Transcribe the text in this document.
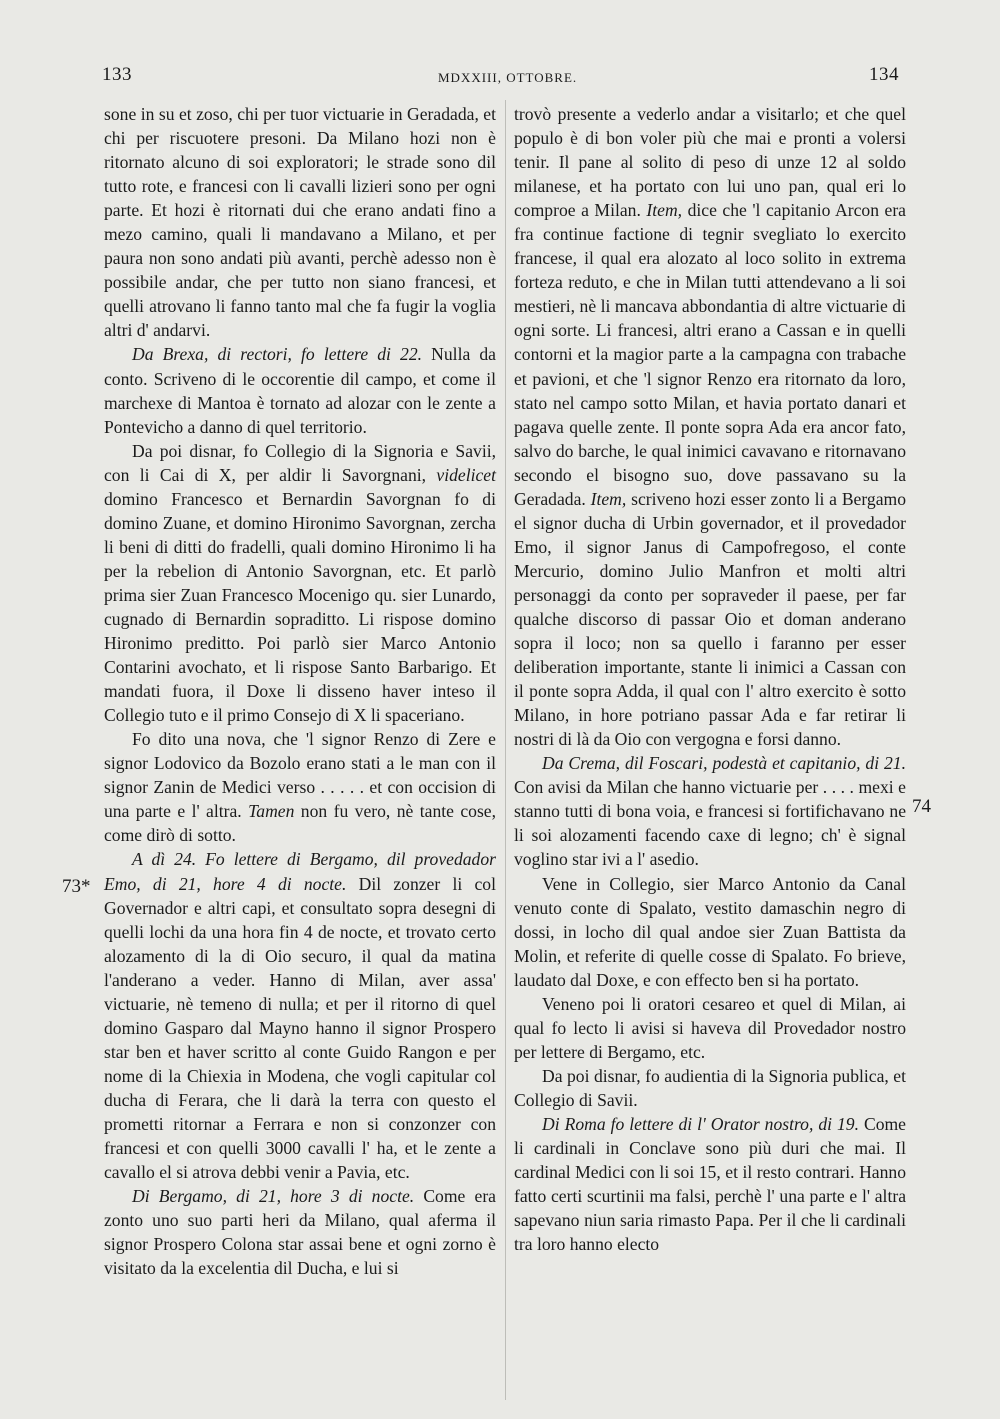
133	MDXXIII, OTTOBRE.	134
73*
74

sone in su et zoso, chi per tuor victuarie in Geradada, et chi per riscuotere presoni. Da Milano hozi non è ritornato alcuno di soi exploratori; le strade sono dil tutto rote, e francesi con li cavalli lizieri sono per ogni parte. Et hozi è ritornati dui che erano andati fino a mezo camino, quali li mandavano a Milano, et per paura non sono andati più avanti, perchè adesso non è possibile andar, che per tutto non siano francesi, et quelli atrovano li fanno tanto mal che fa fugir la voglia altri d' andarvi.

Da Brexa, di rectori, fo lettere di 22. Nulla da conto. Scriveno di le occorentie dil campo, et come il marchexe di Mantoa è tornato ad alozar con le zente a Pontevicho a danno di quel territorio.

Da poi disnar, fo Collegio di la Signoria e Savii, con li Cai di X, per aldir li Savorgnani, videlicet domino Francesco et Bernardin Savorgnan fo di domino Zuane, et domino Hironimo Savorgnan, zercha li beni di ditti do fradelli, quali domino Hironimo li ha per la rebelion di Antonio Savorgnan, etc. Et parlò prima sier Zuan Francesco Mocenigo qu. sier Lunardo, cugnado di Bernardin sopraditto. Li rispose domino Hironimo preditto. Poi parlò sier Marco Antonio Contarini avochato, et li rispose Santo Barbarigo. Et mandati fuora, il Doxe li disseno haver inteso il Collegio tuto e il primo Consejo di X li spaceriano.

Fo dito una nova, che 'l signor Renzo di Zere e signor Lodovico da Bozolo erano stati a le man con il signor Zanin de Medici verso . . . . . et con occision di una parte e l' altra. Tamen non fu vero, nè tante cose, come dirò di sotto.

A dì 24. Fo lettere di Bergamo, dil provedador Emo, di 21, hore 4 di nocte. Dil zonzer li col Governador e altri capi, et consultato sopra desegni di quelli lochi da una hora fin 4 de nocte, et trovato certo alozamento di la di Oio securo, il qual da matina l'anderano a veder. Hanno di Milan, aver assa' victuarie, nè temeno di nulla; et per il ritorno di quel domino Gasparo dal Mayno hanno il signor Prospero star ben et haver scritto al conte Guido Rangon e per nome di la Chiexia in Modena, che vogli capitular col ducha di Ferara, che li darà la terra con questo el prometti ritornar a Ferrara e non si conzonzer con francesi et con quelli 3000 cavalli l' ha, et le zente a cavallo el si atrova debbi venir a Pavia, etc.

Di Bergamo, di 21, hore 3 di nocte. Come era zonto uno suo parti heri da Milano, qual aferma il signor Prospero Colona star assai bene et ogni zorno è visitato da la excelentia dil Ducha, e lui si

trovò presente a vederlo andar a visitarlo; et che quel populo è di bon voler più che mai e pronti a volersi tenir. Il pane al solito di peso di unze 12 al soldo milanese, et ha portato con lui uno pan, qual eri lo comproe a Milan. Item, dice che 'l capitanio Arcon era fra continue factione di tegnir svegliato lo exercito francese, il qual era alozato al loco solito in extrema forteza reduto, e che in Milan tutti attendevano a li soi mestieri, nè li mancava abbondantia di altre victuarie di ogni sorte. Li francesi, altri erano a Cassan e in quelli contorni et la magior parte a la campagna con trabache et pavioni, et che 'l signor Renzo era ritornato da loro, stato nel campo sotto Milan, et havia portato danari et pagava quelle zente. Il ponte sopra Ada era ancor fato, salvo do barche, le qual inimici cavavano e ritornavano secondo el bisogno suo, dove passavano su la Geradada. Item, scriveno hozi esser zonto li a Bergamo el signor ducha di Urbin governador, et il provedador Emo, il signor Janus di Campofregoso, el conte Mercurio, domino Julio Manfron et molti altri personaggi da conto per sopraveder il paese, per far qualche discorso di passar Oio et doman anderano sopra il loco; non sa quello i faranno per esser deliberation importante, stante li inimici a Cassan con il ponte sopra Adda, il qual con l' altro exercito è sotto Milano, in hore potriano passar Ada e far retirar li nostri di là da Oio con vergogna e forsi danno.

Da Crema, dil Foscari, podestà et capitanio, di 21. Con avisi da Milan che hanno victuarie per . . . . mexi e stanno tutti di bona voia, e francesi si fortifichavano ne li soi alozamenti facendo caxe di legno; ch' è signal voglino star ivi a l' asedio.

Vene in Collegio, sier Marco Antonio da Canal venuto conte di Spalato, vestito damaschin negro di dossi, in locho dil qual andoe sier Zuan Battista da Molin, et referite di quelle cosse di Spalato. Fo brieve, laudato dal Doxe, e con effecto ben si ha portato.

Veneno poi li oratori cesareo et quel di Milan, ai qual fo lecto li avisi si haveva dil Provedador nostro per lettere di Bergamo, etc.

Da poi disnar, fo audientia di la Signoria publica, et Collegio di Savii.

Di Roma fo lettere di l' Orator nostro, di 19. Come li cardinali in Conclave sono più duri che mai. Il cardinal Medici con li soi 15, et il resto contrari. Hanno fatto certi scurtinii ma falsi, perchè l' una parte e l' altra sapevano niun saria rimasto Papa. Per il che li cardinali tra loro hanno electo
